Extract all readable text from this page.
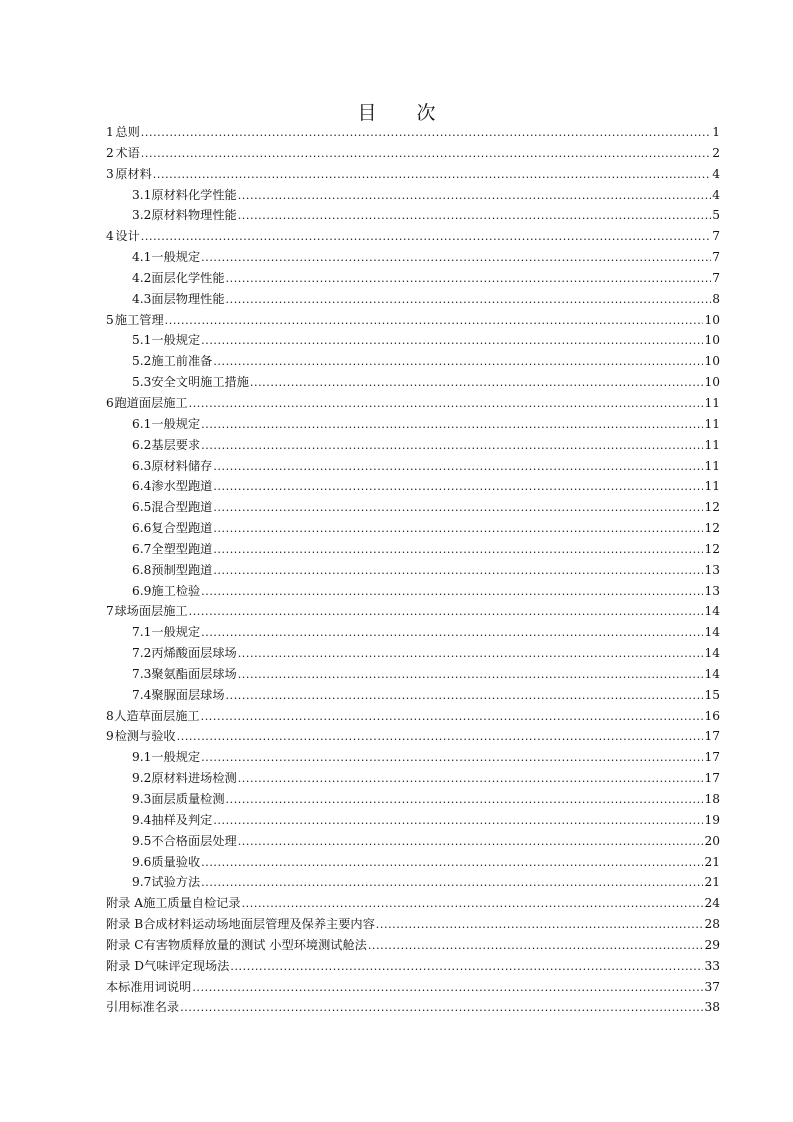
目 次
1 总则 .....	1
2 术语 .....	2
3 原材料 .....	4
3.1 原材料化学性能 .....	4
3.2 原材料物理性能 .....	5
4 设计 .....	7
4.1 一般规定 .....	7
4.2 面层化学性能 .....	7
4.3 面层物理性能 .....	8
5 施工管理 .....	10
5.1 一般规定 .....	10
5.2 施工前准备 .....	10
5.3 安全文明施工措施 .....	10
6 跑道面层施工 .....	11
6.1 一般规定 .....	11
6.2 基层要求 .....	11
6.3 原材料储存 .....	11
6.4 渗水型跑道 .....	11
6.5 混合型跑道 .....	12
6.6 复合型跑道 .....	12
6.7 全塑型跑道 .....	12
6.8 预制型跑道 .....	13
6.9 施工检验 .....	13
7 球场面层施工 .....	14
7.1 一般规定 .....	14
7.2 丙烯酸面层球场 .....	14
7.3 聚氨酯面层球场 .....	14
7.4 聚脲面层球场 .....	15
8 人造草面层施工 .....	16
9 检测与验收 .....	17
9.1 一般规定 .....	17
9.2 原材料进场检测 .....	17
9.3 面层质量检测 .....	18
9.4 抽样及判定 .....	19
9.5 不合格面层处理 .....	20
9.6 质量验收 .....	21
9.7 试验方法 .....	21
附录 A 施工质量自检记录 .....	24
附录 B 合成材料运动场地面层管理及保养主要内容 .....	28
附录 C 有害物质释放量的测试 小型环境测试舱法 .....	29
附录 D 气味评定现场法 .....	33
本标准用词说明 .....	37
引用标准名录 .....	38
